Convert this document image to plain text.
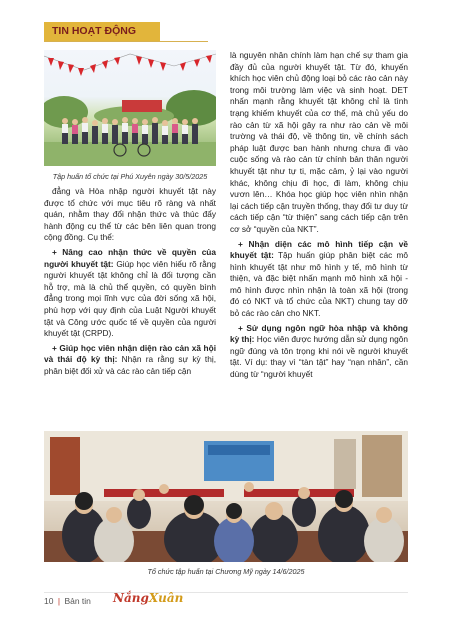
TIN HOẠT ĐỘNG
Tập huấn tổ chức tại Phú Xuyên ngày 30/5/2025

đẳng và Hòa nhập người khuyết tật này được tổ chức với mục tiêu rõ ràng và nhất quán, nhằm thay đổi nhận thức và thúc đẩy hành động cụ thể từ các bên liên quan trong cộng đồng. Cụ thể:

+ Nâng cao nhận thức về quyền của người khuyết tật: Giúp học viên hiểu rõ rằng người khuyết tật không chỉ là đối tượng cần hỗ trợ, mà là chủ thể quyền, có quyền bình đẳng trong mọi lĩnh vực của đời sống xã hội, phù hợp với quy định của Luật Người khuyết tật và Công ước quốc tế về quyền của người khuyết tật (CRPD).

+ Giúp học viên nhận diện rào cản xã hội và thái độ kỳ thị: Nhận ra rằng sự kỳ thị, phân biệt đối xử và các rào cản tiếp cận

là nguyên nhân chính làm hạn chế sự tham gia đầy đủ của người khuyết tật. Từ đó, khuyến khích học viên chủ động loại bỏ các rào cản này trong môi trường làm việc và sinh hoạt. DET nhấn mạnh rằng khuyết tật không chỉ là tình trạng khiếm khuyết của cơ thể, mà chủ yếu do rào cản từ xã hội gây ra như rào cản về môi trường và thái độ, về thông tin, về chính sách pháp luật được ban hành nhưng chưa đi vào cuộc sống và rào cản từ chính bản thân người khuyết tật như tự ti, mặc cảm, ỷ lại vào người khác, không chịu đi học, đi làm, không chịu vươn lên… Khóa học giúp học viên nhìn nhận lại cách tiếp cận truyền thống, thay đổi tư duy từ cách tiếp cận “từ thiện” sang cách tiếp cận trên cơ sở “quyền của NKT”.

+ Nhận diện các mô hình tiếp cận về khuyết tật: Tập huấn giúp phân biệt các mô hình khuyết tật như mô hình y tế, mô hình từ thiện, và đặc biệt nhấn mạnh mô hình xã hội - mô hình được nhìn nhận là toàn xã hội (trong đó có NKT và tổ chức của NKT) chung tay dỡ bỏ các rào cản cho NKT.

+ Sử dụng ngôn ngữ hòa nhập và không kỳ thị: Học viên được hướng dẫn sử dụng ngôn ngữ đúng và tôn trọng khi nói về người khuyết tật. Ví dụ: thay vì “tàn tật” hay “nạn nhân”, cần dùng từ “người khuyết

Tổ chức tập huấn tại Chương Mỹ ngày 14/6/2025
10 | Bản tin NắngXuân
